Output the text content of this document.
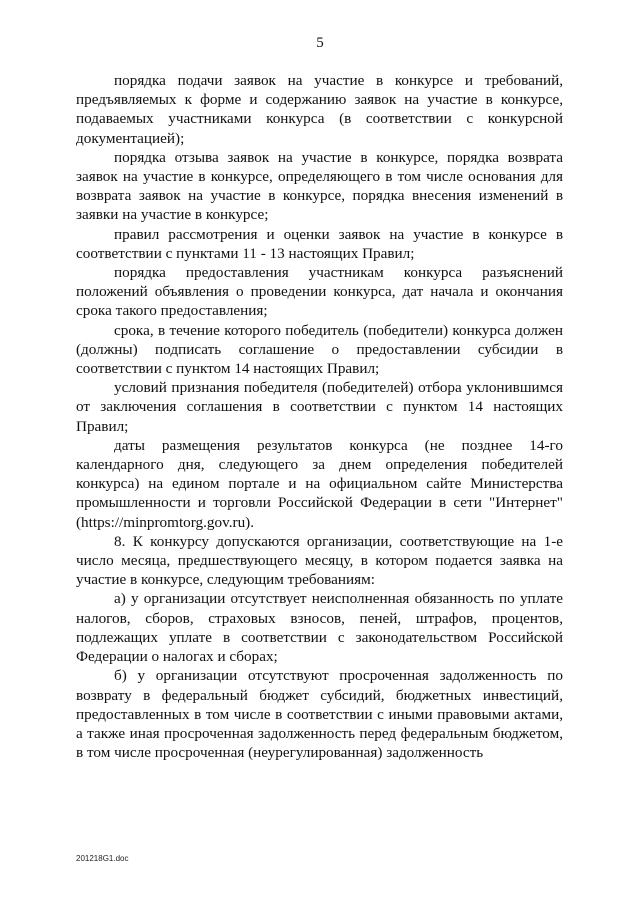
5

порядка подачи заявок на участие в конкурсе и требований, предъявляемых к форме и содержанию заявок на участие в конкурсе, подаваемых участниками конкурса (в соответствии с конкурсной документацией);

порядка отзыва заявок на участие в конкурсе, порядка возврата заявок на участие в конкурсе, определяющего в том числе основания для возврата заявок на участие в конкурсе, порядка внесения изменений в заявки на участие в конкурсе;

правил рассмотрения и оценки заявок на участие в конкурсе в соответствии с пунктами 11 - 13 настоящих Правил;

порядка предоставления участникам конкурса разъяснений положений объявления о проведении конкурса, дат начала и окончания срока такого предоставления;

срока, в течение которого победитель (победители) конкурса должен (должны) подписать соглашение о предоставлении субсидии в соответствии с пунктом 14 настоящих Правил;

условий признания победителя (победителей) отбора уклонившимся от заключения соглашения в соответствии с пунктом 14 настоящих Правил;

даты размещения результатов конкурса (не позднее 14-го календарного дня, следующего за днем определения победителей конкурса) на едином портале и на официальном сайте Министерства промышленности и торговли Российской Федерации в сети "Интернет" (https://minpromtorg.gov.ru).

8. К конкурсу допускаются организации, соответствующие на 1-е число месяца, предшествующего месяцу, в котором подается заявка на участие в конкурсе, следующим требованиям:

а) у организации отсутствует неисполненная обязанность по уплате налогов, сборов, страховых взносов, пеней, штрафов, процентов, подлежащих уплате в соответствии с законодательством Российской Федерации о налогах и сборах;

б) у организации отсутствуют просроченная задолженность по возврату в федеральный бюджет субсидий, бюджетных инвестиций, предоставленных в том числе в соответствии с иными правовыми актами, а также иная просроченная задолженность перед федеральным бюджетом, в том числе просроченная (неурегулированная) задолженность

201218G1.doc
